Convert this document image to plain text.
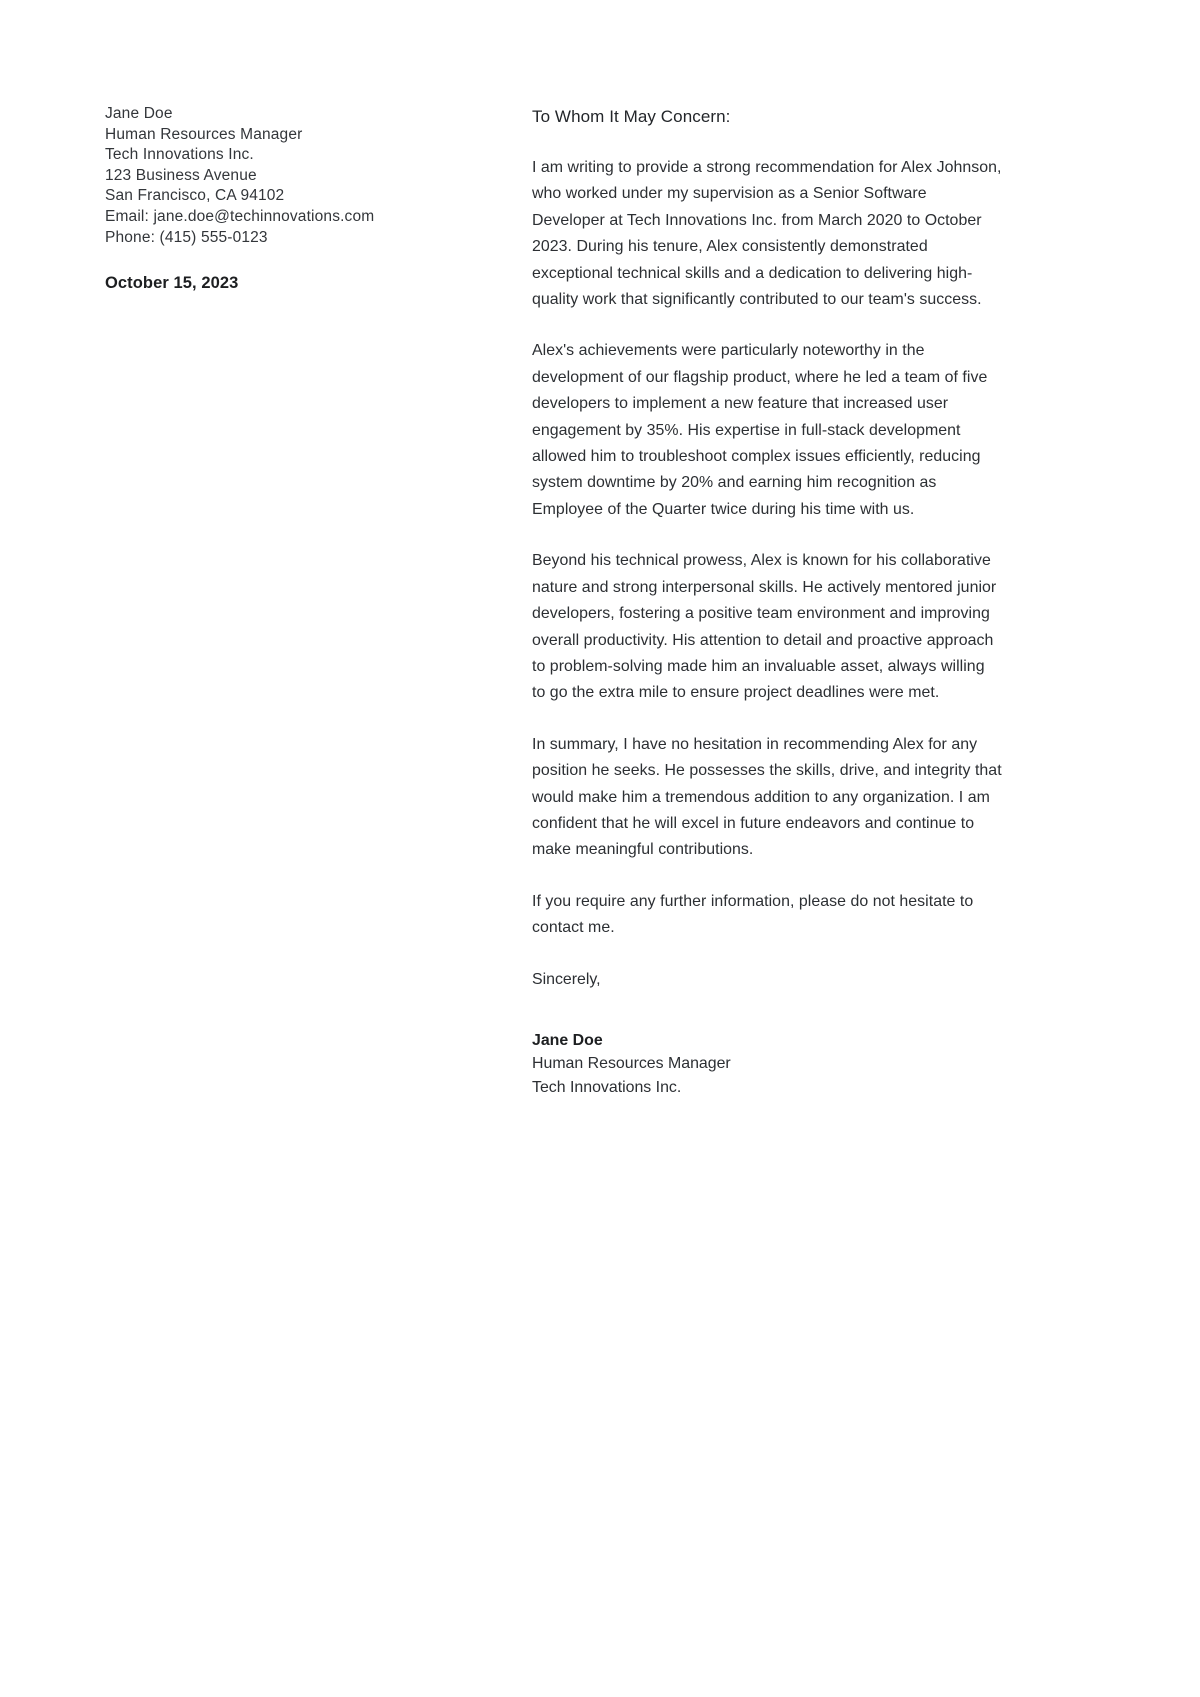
Jane Doe
Human Resources Manager
Tech Innovations Inc.
123 Business Avenue
San Francisco, CA 94102
Email: jane.doe@techinnovations.com
Phone: (415) 555-0123
October 15, 2023

To Whom It May Concern:

I am writing to provide a strong recommendation for Alex Johnson, who worked under my supervision as a Senior Software Developer at Tech Innovations Inc. from March 2020 to October 2023. During his tenure, Alex consistently demonstrated exceptional technical skills and a dedication to delivering high-quality work that significantly contributed to our team's success.

Alex's achievements were particularly noteworthy in the development of our flagship product, where he led a team of five developers to implement a new feature that increased user engagement by 35%. His expertise in full-stack development allowed him to troubleshoot complex issues efficiently, reducing system downtime by 20% and earning him recognition as Employee of the Quarter twice during his time with us.

Beyond his technical prowess, Alex is known for his collaborative nature and strong interpersonal skills. He actively mentored junior developers, fostering a positive team environment and improving overall productivity. His attention to detail and proactive approach to problem-solving made him an invaluable asset, always willing to go the extra mile to ensure project deadlines were met.

In summary, I have no hesitation in recommending Alex for any position he seeks. He possesses the skills, drive, and integrity that would make him a tremendous addition to any organization. I am confident that he will excel in future endeavors and continue to make meaningful contributions.

If you require any further information, please do not hesitate to contact me.

Sincerely,

Jane Doe
Human Resources Manager
Tech Innovations Inc.
